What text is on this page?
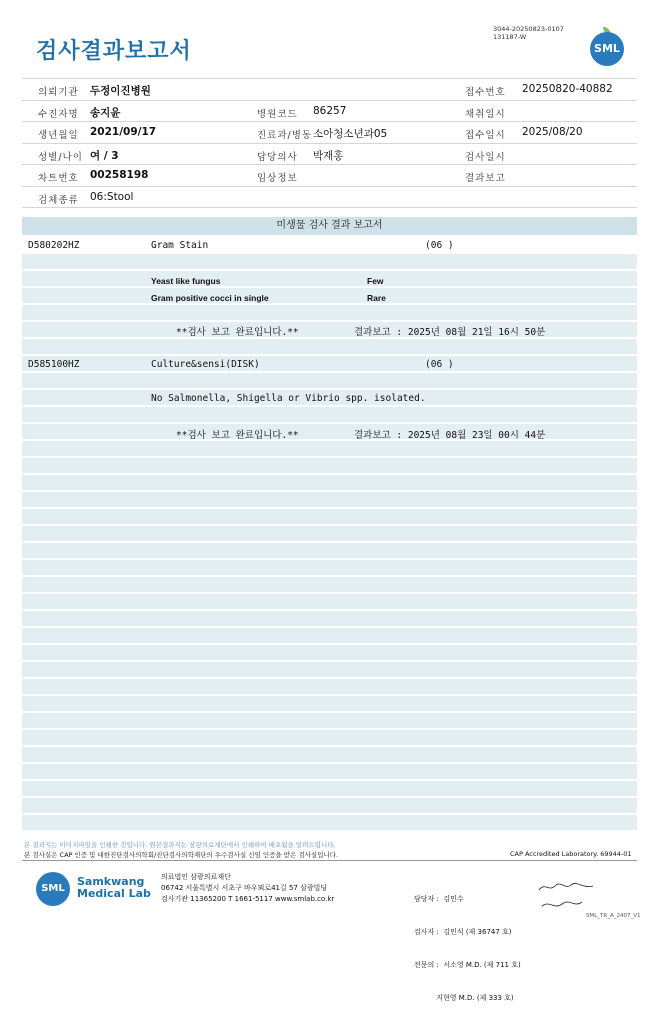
검사결과보고서
3044-20250823-0107
131187-W
SML
의뢰기관 두정이진병원	접수번호 20250820-40882
수진자명 송지윤	병원코드 86257	채취일시
생년월일 2021/09/17	진료과/병동 소아청소년과05	접수일시 2025/08/20
성별/나이 여 / 3	담당의사 박재홍	검사일시
차트번호 00258198	임상정보	결과보고
검체종류 06:Stool
미생물 검사 결과 보고서
D580202HZ	Gram Stain	(06 )
Yeast like fungus	Few
Gram positive cocci in single	Rare
**검사 보고 완료입니다.**	결과보고 : 2025년 08월 21일 16시 50분
D585100HZ	Culture&sensi(DISK)	(06 )
No Salmonella, Shigella or Vibrio spp. isolated.
**검사 보고 완료입니다.**	결과보고 : 2025년 08월 23일 00시 44분
본 결과지는 이미지파일을 인쇄한 것입니다. 원본결과지는 삼광의료재단에서 인쇄하여 배포됨을 알려드립니다.
본 검사실은 CAP 인증 및 대한진단검사의학회/진단검사의학재단의 우수검사실 신임 인증을 받은 검사실입니다.	CAP Accredited Laboratory. 69944-01
SML
Samkwang
Medical Lab
의료법인 삼광의료재단
06742 서울특별시 서초구 바우뫼로41길 57 삼광빌딩
검사기관 11365200 T 1661-5117 www.smlab.co.kr

	담당자 :  김민수

검사자 :  김민식 (제 36747 호)

전문의 :  서소영 M.D. (제 711 호)

지현영 M.D. (제 333 호)

SML_TR_A_2407_V1
